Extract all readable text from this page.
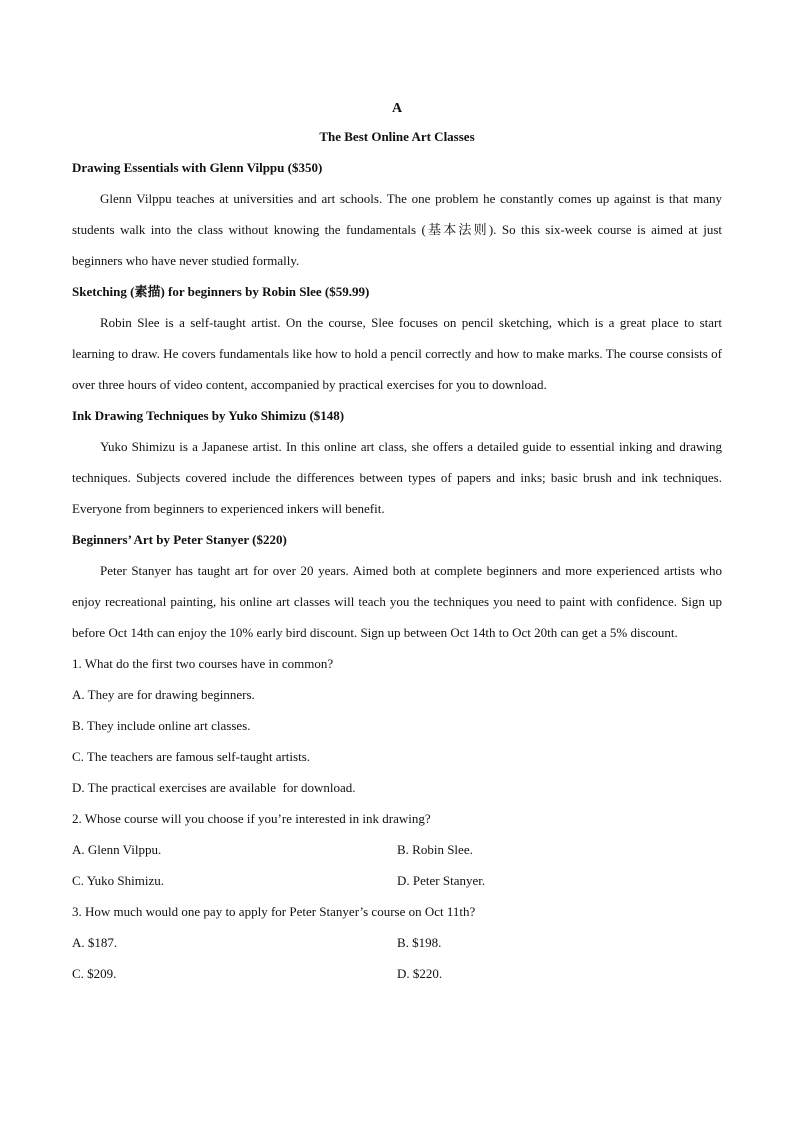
A
The Best Online Art Classes
Drawing Essentials with Glenn Vilppu ($350)
Glenn Vilppu teaches at universities and art schools. The one problem he constantly comes up against is that many students walk into the class without knowing the fundamentals (基本法则). So this six-week course is aimed at just beginners who have never studied formally.
Sketching (素描) for beginners by Robin Slee ($59.99)
Robin Slee is a self-taught artist. On the course, Slee focuses on pencil sketching, which is a great place to start learning to draw. He covers fundamentals like how to hold a pencil correctly and how to make marks. The course consists of over three hours of video content, accompanied by practical exercises for you to download.
Ink Drawing Techniques by Yuko Shimizu ($148)
Yuko Shimizu is a Japanese artist. In this online art class, she offers a detailed guide to essential inking and drawing techniques. Subjects covered include the differences between types of papers and inks; basic brush and ink techniques. Everyone from beginners to experienced inkers will benefit.
Beginners’ Art by Peter Stanyer ($220)
Peter Stanyer has taught art for over 20 years. Aimed both at complete beginners and more experienced artists who enjoy recreational painting, his online art classes will teach you the techniques you need to paint with confidence. Sign up before Oct 14th can enjoy the 10% early bird discount. Sign up between Oct 14th to Oct 20th can get a 5% discount.
1. What do the first two courses have in common?
A. They are for drawing beginners.
B. They include online art classes.
C. The teachers are famous self-taught artists.
D. The practical exercises are available  for download.
2. Whose course will you choose if you’re interested in ink drawing?
A. Glenn Vilppu.	B. Robin Slee.
C. Yuko Shimizu.	D. Peter Stanyer.
3. How much would one pay to apply for Peter Stanyer’s course on Oct 11th?
A. $187.	B. $198.
C. $209.	D. $220.
